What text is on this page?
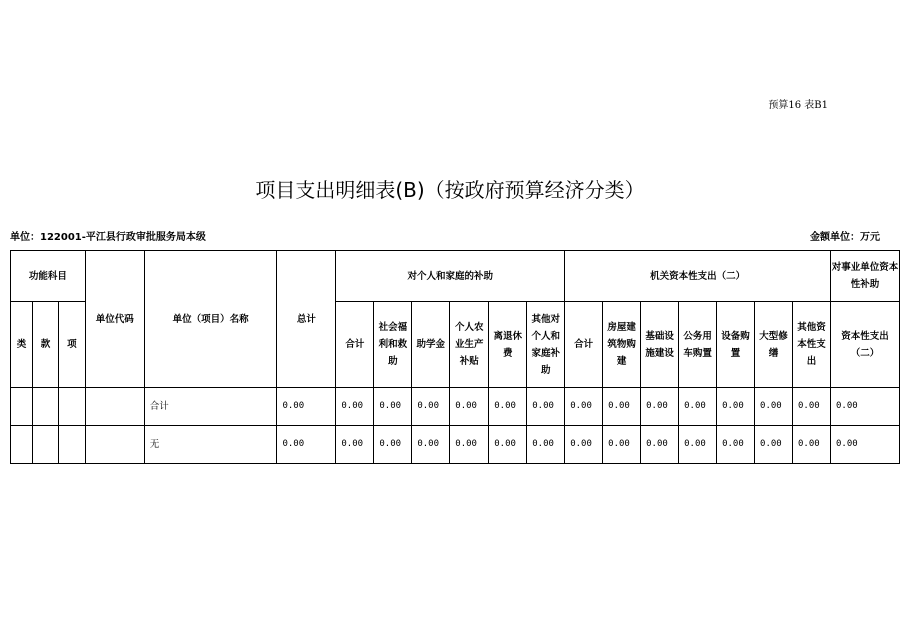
预算16 表B1
项目支出明细表(B)（按政府预算经济分类）
单位：122001-平江县行政审批服务局本级	金额单位：万元
功能科目			单位代码	单位（项目）名称	总计	对个人和家庭的补助						机关资本性支出（二）							对事业单位资本性补助
类	款	项				合计	社会福利和救助	助学金	个人农业生产补贴	离退休费	其他对个人和家庭补助	合计	房屋建筑物购建	基础设施建设	公务用车购置	设备购置	大型修缮	其他资本性支出	资本性支出（二）
				合计	0.00	0.00	0.00	0.00	0.00	0.00	0.00	0.00	0.00	0.00	0.00	0.00	0.00	0.00	0.00
				无	0.00	0.00	0.00	0.00	0.00	0.00	0.00	0.00	0.00	0.00	0.00	0.00	0.00	0.00	0.00
